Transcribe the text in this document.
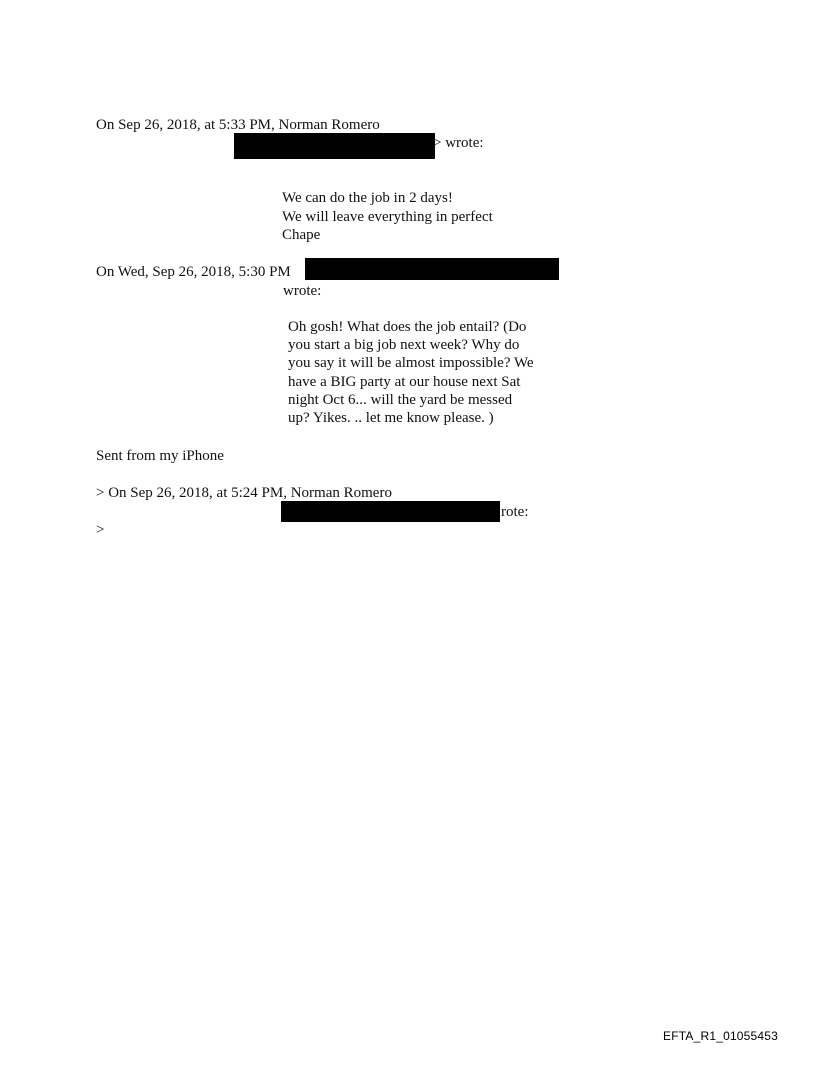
On Sep 26, 2018, at 5:33 PM, Norman Romero
> wrote:
We can do the job in 2 days!
We will leave everything in perfect
Chape
On Wed, Sep 26, 2018, 5:30 PM
wrote:
Oh gosh! What does the job entail? (Do
you start a big job next week? Why do
you say it will be almost impossible? We
have a BIG party at our house next Sat
night Oct 6... will the yard be messed
up? Yikes. .. let me know please. )
Sent from my iPhone
> On Sep 26, 2018, at 5:24 PM, Norman Romero
rote:
>
EFTA_R1_01055453
